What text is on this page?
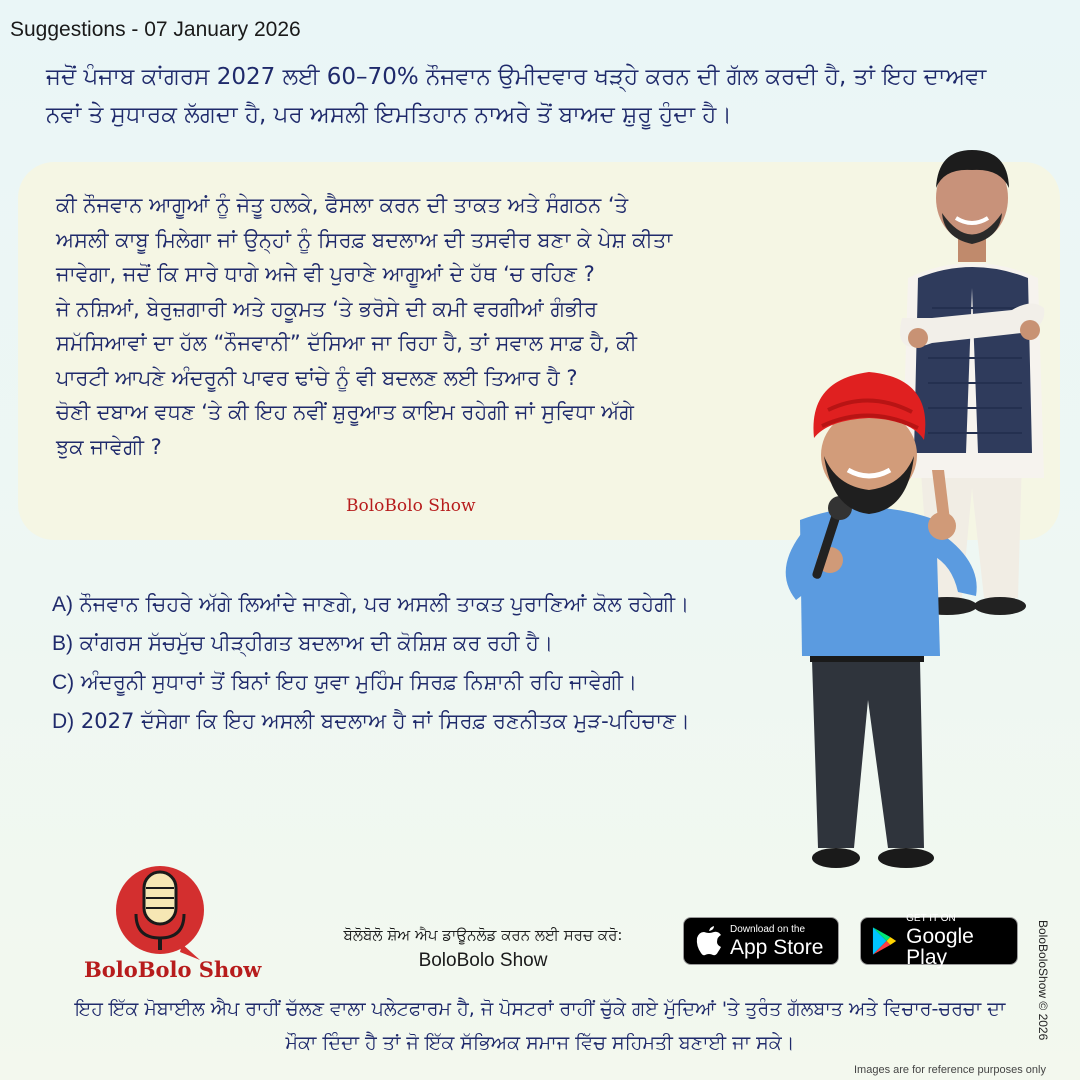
Suggestions - 07 January 2026
ਜਦੋਂ ਪੰਜਾਬ ਕਾਂਗਰਸ 2027 ਲਈ 60–70% ਨੌਜਵਾਨ ਉਮੀਦਵਾਰ ਖੜ੍ਹੇ ਕਰਨ ਦੀ ਗੱਲ ਕਰਦੀ ਹੈ, ਤਾਂ ਇਹ ਦਾਅਵਾ ਨਵਾਂ ਤੇ ਸੁਧਾਰਕ ਲੱਗਦਾ ਹੈ, ਪਰ ਅਸਲੀ ਇਮਤਿਹਾਨ ਨਾਅਰੇ ਤੋਂ ਬਾਅਦ ਸ਼ੁਰੂ ਹੁੰਦਾ ਹੈ।
ਕੀ ਨੌਜਵਾਨ ਆਗੂਆਂ ਨੂੰ ਜੇਤੂ ਹਲਕੇ, ਫੈਸਲਾ ਕਰਨ ਦੀ ਤਾਕਤ ਅਤੇ ਸੰਗਠਨ ‘ਤੇ
ਅਸਲੀ ਕਾਬੂ ਮਿਲੇਗਾ ਜਾਂ ਉਨ੍ਹਾਂ ਨੂੰ ਸਿਰਫ਼ ਬਦਲਾਅ ਦੀ ਤਸਵੀਰ ਬਣਾ ਕੇ ਪੇਸ਼ ਕੀਤਾ
ਜਾਵੇਗਾ, ਜਦੋਂ ਕਿ ਸਾਰੇ ਧਾਗੇ ਅਜੇ ਵੀ ਪੁਰਾਣੇ ਆਗੂਆਂ ਦੇ ਹੱਥ ‘ਚ ਰਹਿਣ ?
ਜੇ ਨਸ਼ਿਆਂ, ਬੇਰੁਜ਼ਗਾਰੀ ਅਤੇ ਹਕੂਮਤ ‘ਤੇ ਭਰੋਸੇ ਦੀ ਕਮੀ ਵਰਗੀਆਂ ਗੰਭੀਰ
ਸਮੱਸਿਆਵਾਂ ਦਾ ਹੱਲ “ਨੌਜਵਾਨੀ” ਦੱਸਿਆ ਜਾ ਰਿਹਾ ਹੈ, ਤਾਂ ਸਵਾਲ ਸਾਫ਼ ਹੈ, ਕੀ
ਪਾਰਟੀ ਆਪਣੇ ਅੰਦਰੂਨੀ ਪਾਵਰ ਢਾਂਚੇ ਨੂੰ ਵੀ ਬਦਲਣ ਲਈ ਤਿਆਰ ਹੈ ?
ਚੋਣੀ ਦਬਾਅ ਵਧਣ ‘ਤੇ ਕੀ ਇਹ ਨਵੀਂ ਸ਼ੁਰੂਆਤ ਕਾਇਮ ਰਹੇਗੀ ਜਾਂ ਸੁਵਿਧਾ ਅੱਗੇ
ਝੁਕ ਜਾਵੇਗੀ ?
BoloBolo Show
A) ਨੌਜਵਾਨ ਚਿਹਰੇ ਅੱਗੇ ਲਿਆਂਦੇ ਜਾਣਗੇ, ਪਰ ਅਸਲੀ ਤਾਕਤ ਪੁਰਾਣਿਆਂ ਕੋਲ ਰਹੇਗੀ।
B) ਕਾਂਗਰਸ ਸੱਚਮੁੱਚ ਪੀੜ੍ਹੀਗਤ ਬਦਲਾਅ ਦੀ ਕੋਸ਼ਿਸ਼ ਕਰ ਰਹੀ ਹੈ।
C) ਅੰਦਰੂਨੀ ਸੁਧਾਰਾਂ ਤੋਂ ਬਿਨਾਂ ਇਹ ਯੁਵਾ ਮੁਹਿੰਮ ਸਿਰਫ਼ ਨਿਸ਼ਾਨੀ ਰਹਿ ਜਾਵੇਗੀ।
D) 2027 ਦੱਸੇਗਾ ਕਿ ਇਹ ਅਸਲੀ ਬਦਲਾਅ ਹੈ ਜਾਂ ਸਿਰਫ਼ ਰਣਨੀਤਕ ਮੁੜ-ਪਹਿਚਾਣ।
BoloBolo Show
ਬੋਲੋਬੋਲੋ ਸ਼ੋਅ ਐਪ ਡਾਊਨਲੋਡ ਕਰਨ ਲਈ ਸਰਚ ਕਰੋ:
BoloBolo Show
Download on the
App Store
GET IT ON
Google Play
ਇਹ ਇੱਕ ਮੋਬਾਈਲ ਐਪ ਰਾਹੀਂ ਚੱਲਣ ਵਾਲਾ ਪਲੇਟਫਾਰਮ ਹੈ, ਜੋ ਪੋਸਟਰਾਂ ਰਾਹੀਂ ਚੁੱਕੇ ਗਏ ਮੁੱਦਿਆਂ 'ਤੇ ਤੁਰੰਤ ਗੱਲਬਾਤ ਅਤੇ ਵਿਚਾਰ-ਚਰਚਾ ਦਾ ਮੌਕਾ ਦਿੰਦਾ ਹੈ ਤਾਂ ਜੋ ਇੱਕ ਸੱਭਿਅਕ ਸਮਾਜ ਵਿੱਚ ਸਹਿਮਤੀ ਬਣਾਈ ਜਾ ਸਕੇ।
BoloBoloShow © 2026
Images are for reference purposes only
